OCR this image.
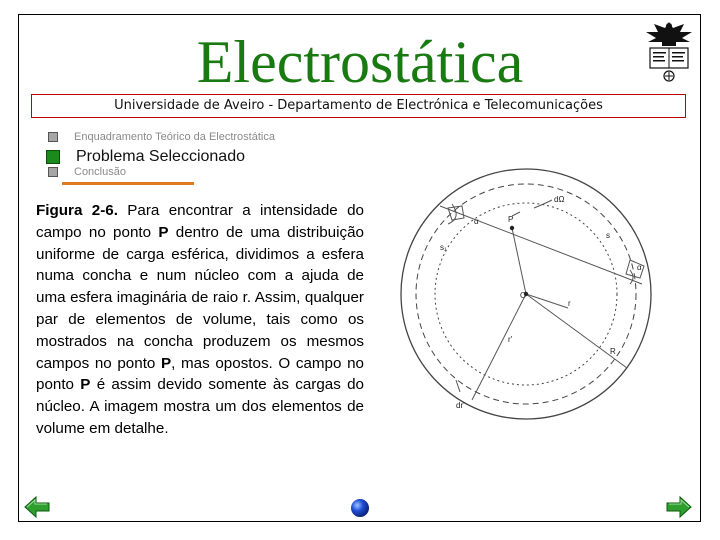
Electrostática
Universidade de Aveiro - Departamento de Electrónica e Telecomunicações
Enquadramento Teórico da Electrostática
Problema Seleccionado
Conclusão
Figura 2-6. Para encontrar a intensidade do campo no ponto P dentro de uma distribuição uniforme de carga esférica, dividimos a esfera numa concha e num núcleo com a ajuda de uma esfera imaginária de raio r. Assim, qualquer par de elementos de volume, tais como os mostrados na concha produzem os mesmos campos no ponto P, mas opostos. O campo no ponto P é assim devido somente às cargas do núcleo. A imagem mostra um dos elementos de volume em detalhe.
dΩ
α	P
s₁
s
α
O
r
r'
R
dr'
